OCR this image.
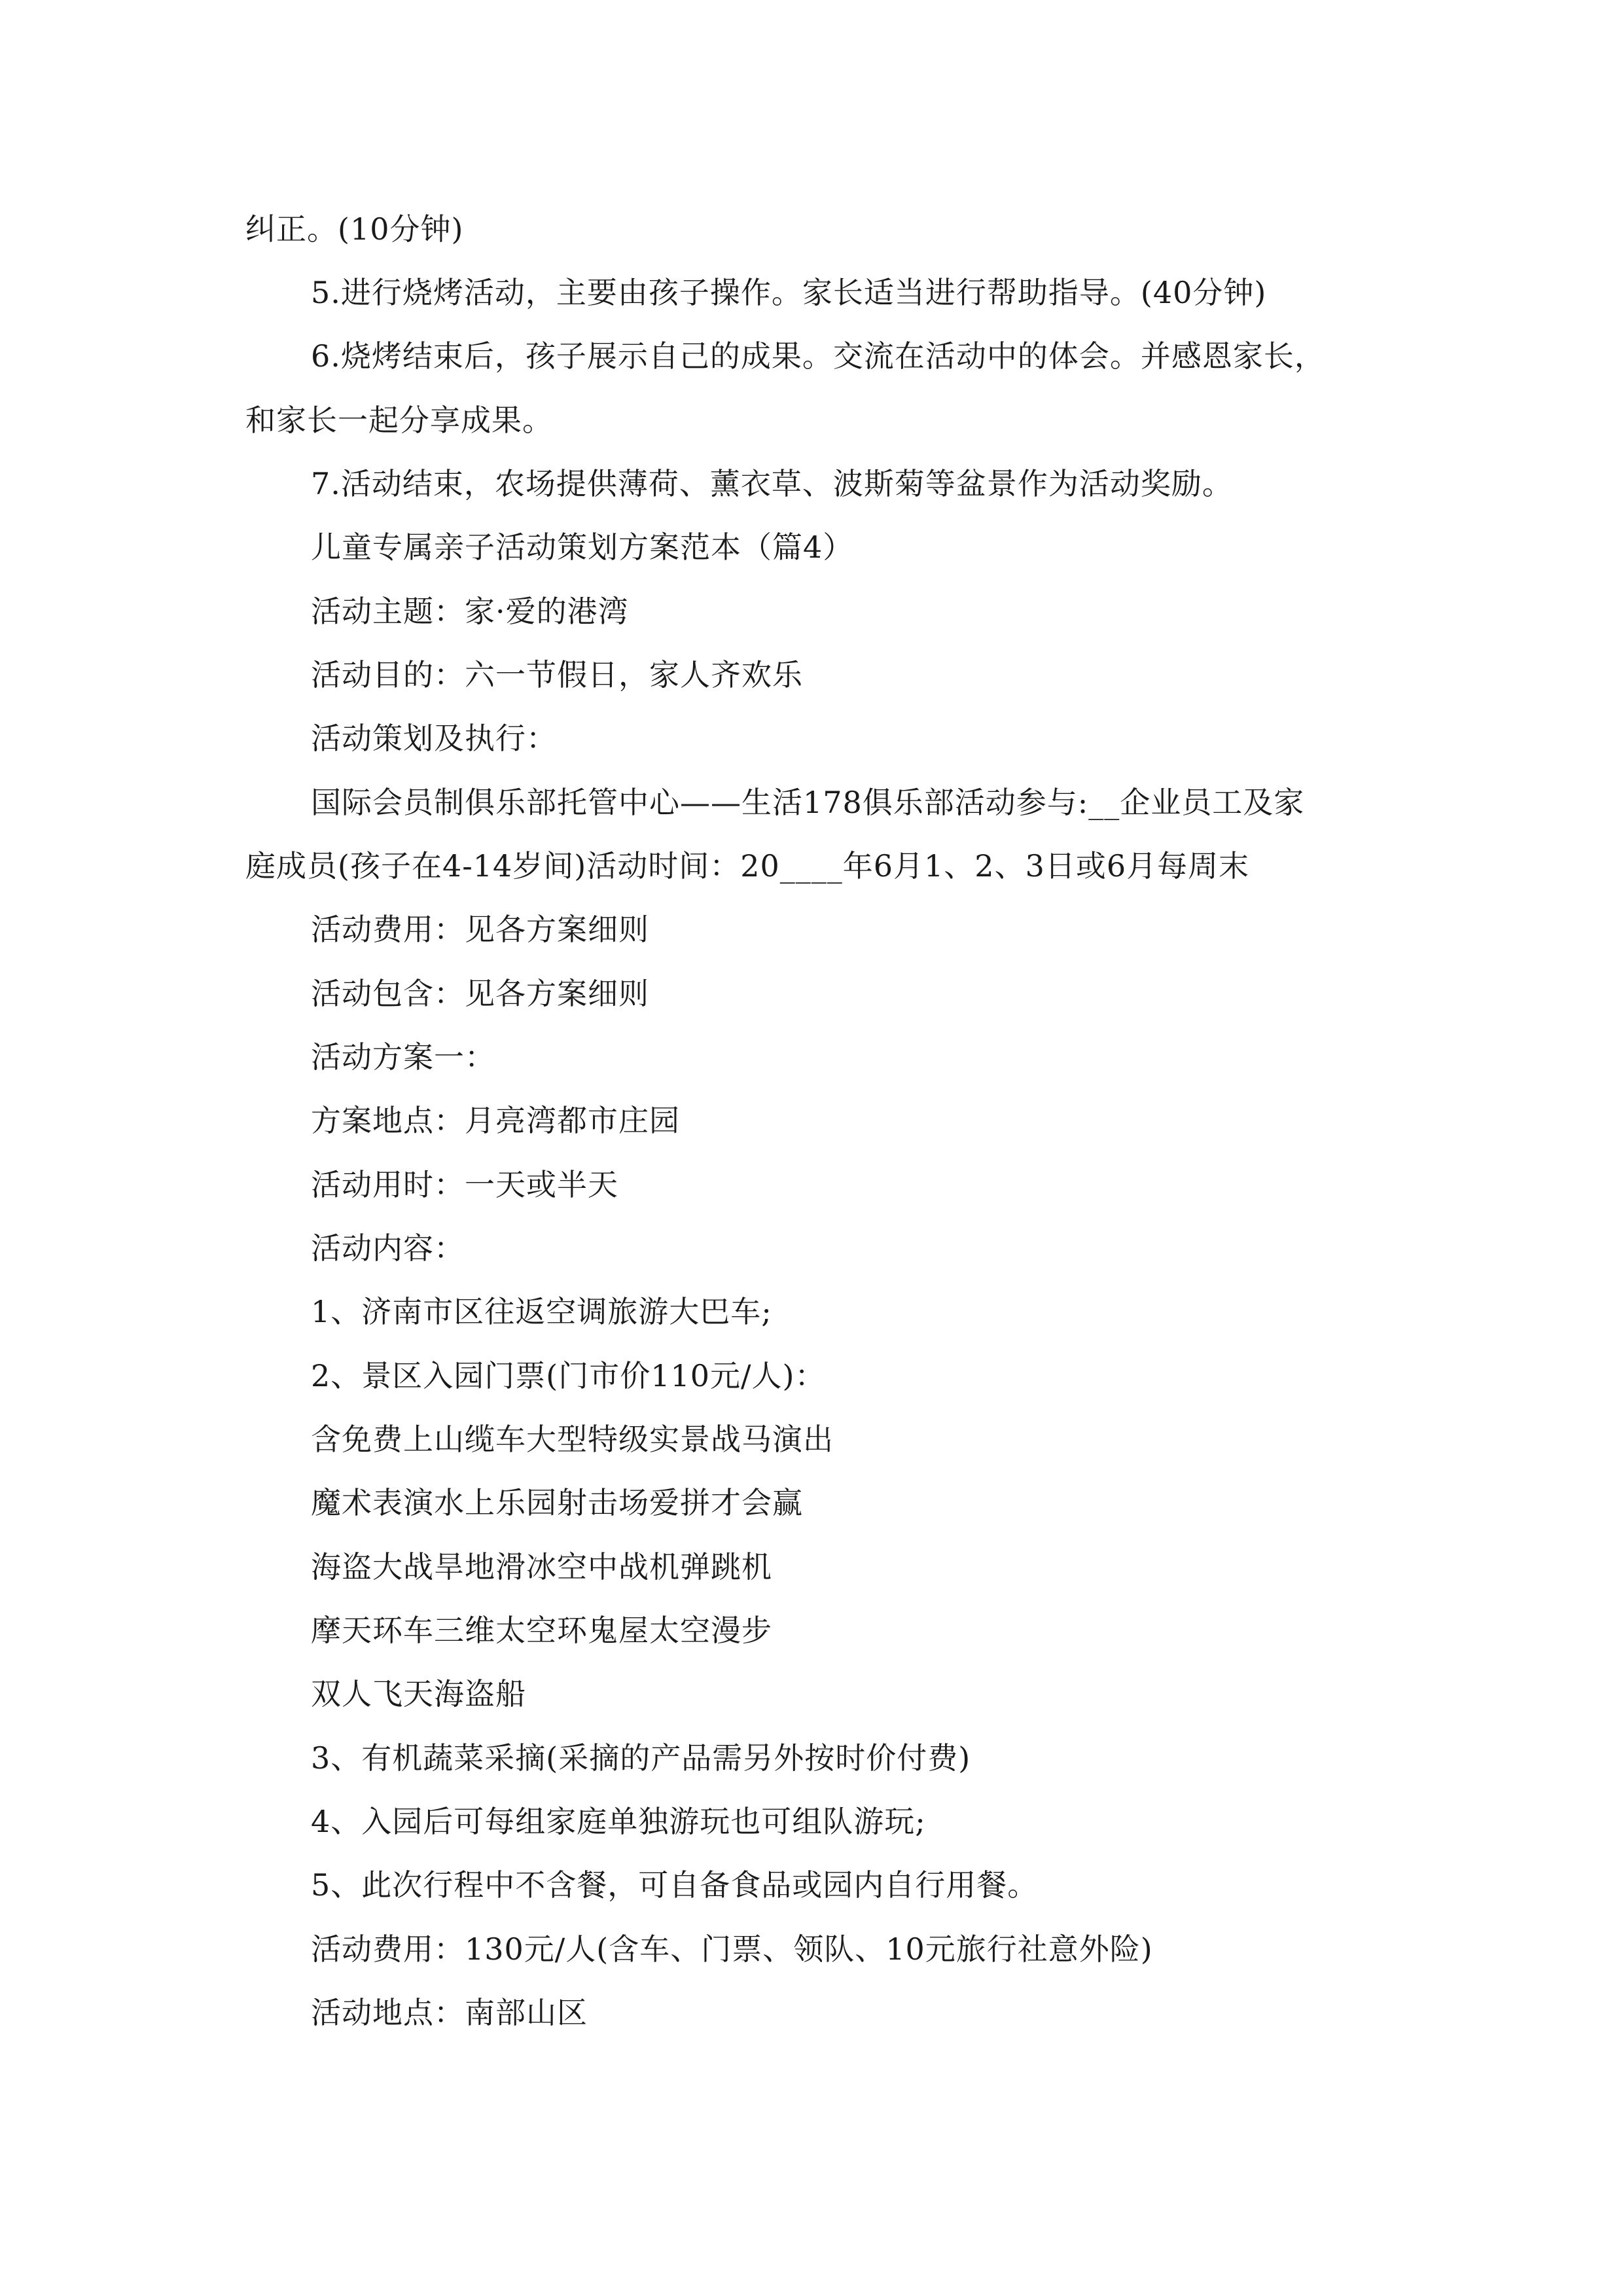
纠正。(10分钟)
5.进行烧烤活动，主要由孩子操作。家长适当进行帮助指导。(40分钟)
6.烧烤结束后，孩子展示自己的成果。交流在活动中的体会。并感恩家长，
和家长一起分享成果。
7.活动结束，农场提供薄荷、薰衣草、波斯菊等盆景作为活动奖励。
儿童专属亲子活动策划方案范本（篇4）
活动主题：家·爱的港湾
活动目的：六一节假日，家人齐欢乐
活动策划及执行：
国际会员制俱乐部托管中心——生活178俱乐部活动参与:__企业员工及家
庭成员(孩子在4-14岁间)活动时间：20____年6月1、2、3日或6月每周末
活动费用：见各方案细则
活动包含：见各方案细则
活动方案一：
方案地点：月亮湾都市庄园
活动用时：一天或半天
活动内容：
1、济南市区往返空调旅游大巴车;
2、景区入园门票(门市价110元/人)：
含免费上山缆车大型特级实景战马演出
魔术表演水上乐园射击场爱拼才会赢
海盗大战旱地滑冰空中战机弹跳机
摩天环车三维太空环鬼屋太空漫步
双人飞天海盗船
3、有机蔬菜采摘(采摘的产品需另外按时价付费)
4、入园后可每组家庭单独游玩也可组队游玩;
5、此次行程中不含餐，可自备食品或园内自行用餐。
活动费用：130元/人(含车、门票、领队、10元旅行社意外险)
活动地点：南部山区
